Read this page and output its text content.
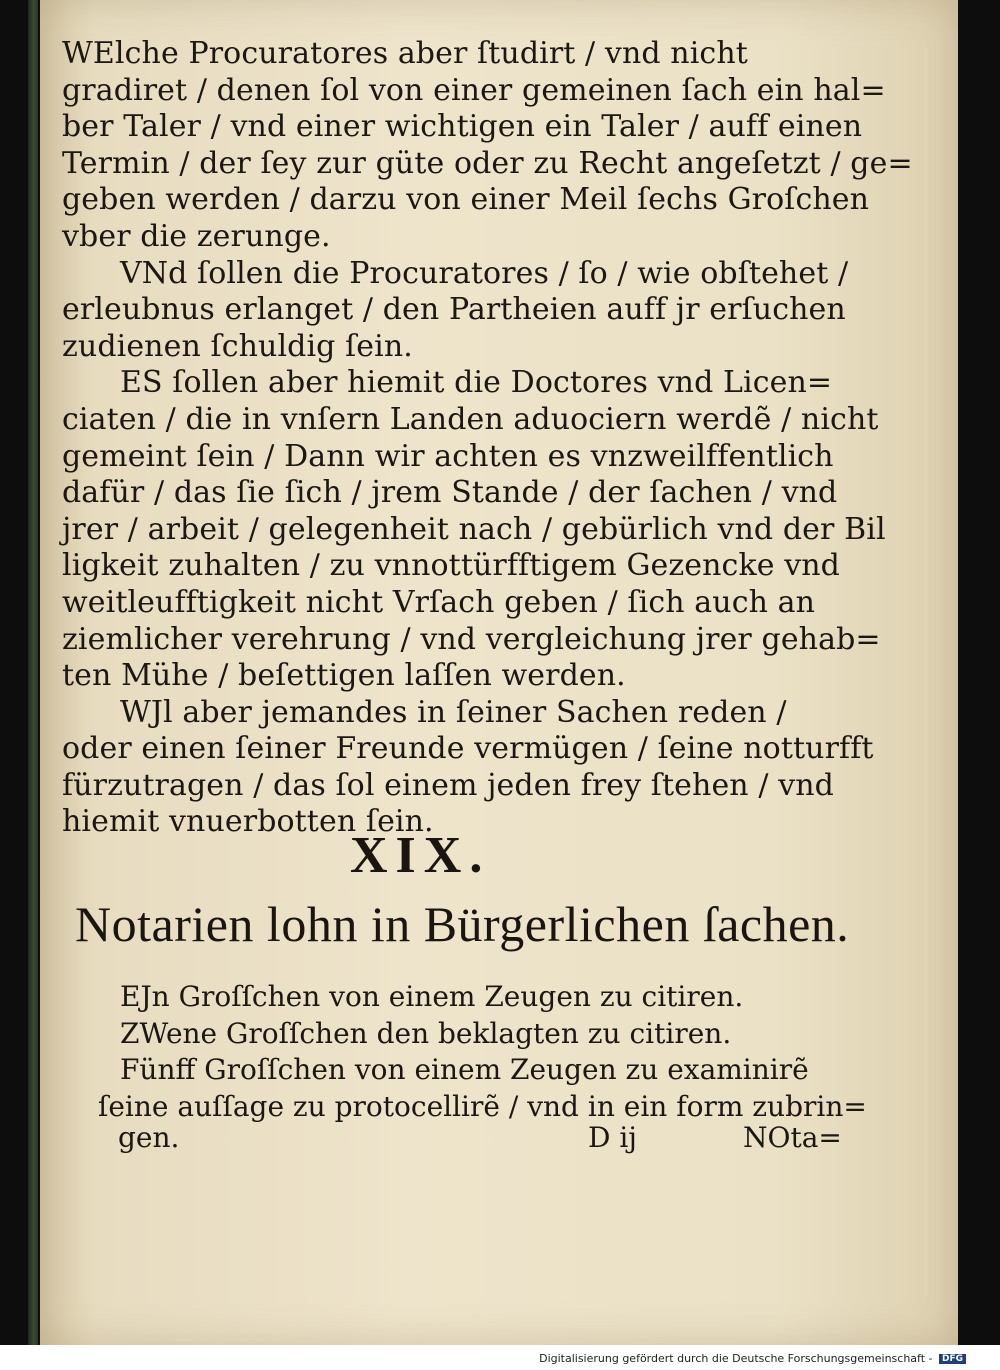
WElche Procuratores aber ſtudirt / vnd nicht
gradiret / denen ſol von einer gemeinen ſach ein hal=
ber Taler / vnd einer wichtigen ein Taler / auff einen
Termin / der ſey zur güte oder zu Recht angeſetzt / ge=
geben werden / darzu von einer Meil ſechs Groſchen
vber die zerunge.
VNd ſollen die Procuratores / ſo / wie obſtehet /
erleubnus erlanget / den Partheien auff jr erſuchen
zudienen ſchuldig ſein.
ES ſollen aber hiemit die Doctores vnd Licen=
ciaten / die in vnſern Landen aduociern werdẽ / nicht
gemeint ſein / Dann wir achten es vnzweilffentlich
dafür / das ſie ſich / jrem Stande / der ſachen / vnd
jrer / arbeit / gelegenheit nach / gebürlich vnd der Bil
ligkeit zuhalten / zu vnnottürfftigem Gezencke vnd
weitleufftigkeit nicht Vrſach geben / ſich auch an
ziemlicher verehrung / vnd vergleichung jrer gehab=
ten Mühe / beſettigen laſſen werden.
WJl aber jemandes in ſeiner Sachen reden /
oder einen ſeiner Freunde vermügen / ſeine notturfft
fürzutragen / das ſol einem jeden frey ſtehen / vnd
hiemit vnuerbotten ſein.
XIX.
Notarien lohn in Bürgerlichen ſachen.
EJn Groſſchen von einem Zeugen zu citiren.
ZWene Groſſchen den beklagten zu citiren.
Fünff Groſſchen von einem Zeugen zu examinirẽ
ſeine auſſage zu protocellirẽ / vnd in ein form zubrin=
gen.	D ij	NOta=
Digitalisierung gefördert durch die Deutsche Forschungsgemeinschaft - DFG
